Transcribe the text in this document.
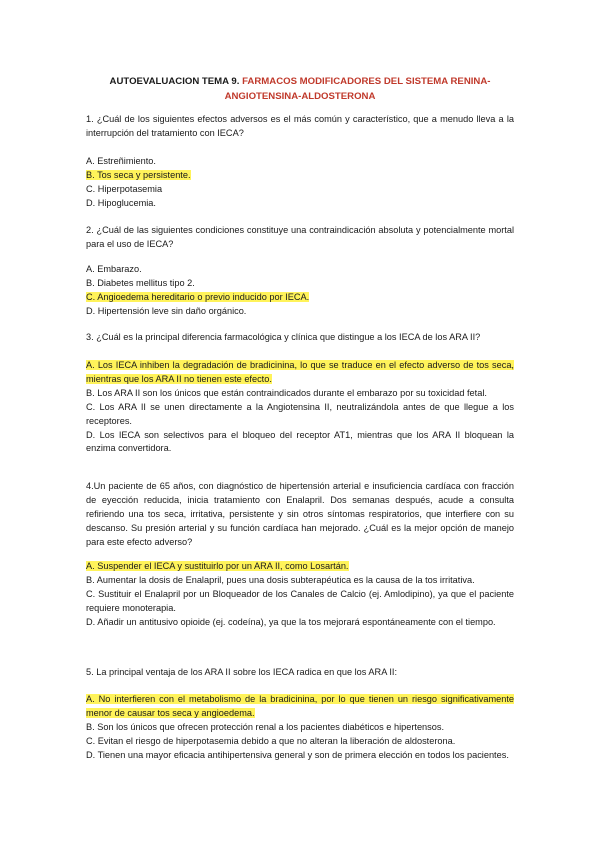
AUTOEVALUACION TEMA 9. FARMACOS MODIFICADORES DEL SISTEMA RENINA-
ANGIOTENSINA-ALDOSTERONA
1. ¿Cuál de los siguientes efectos adversos es el más común y característico, que a menudo lleva a la interrupción del tratamiento con IECA?
A. Estreñimiento.
B. Tos seca y persistente.
C. Hiperpotasemia
D. Hipoglucemia.
2. ¿Cuál de las siguientes condiciones constituye una contraindicación absoluta y potencialmente mortal para el uso de IECA?
A. Embarazo.
B. Diabetes mellitus tipo 2.
C. Angioedema hereditario o previo inducido por IECA.
D. Hipertensión leve sin daño orgánico.
3. ¿Cuál es la principal diferencia farmacológica y clínica que distingue a los IECA de los ARA II?
A. Los IECA inhiben la degradación de bradicinina, lo que se traduce en el efecto adverso de tos seca, mientras que los ARA II no tienen este efecto.
B. Los ARA II son los únicos que están contraindicados durante el embarazo por su toxicidad fetal.
C. Los ARA II se unen directamente a la Angiotensina II, neutralizándola antes de que llegue a los receptores.
D. Los IECA son selectivos para el bloqueo del receptor AT1, mientras que los ARA II bloquean la enzima convertidora.
4.Un paciente de 65 años, con diagnóstico de hipertensión arterial e insuficiencia cardíaca con fracción de eyección reducida, inicia tratamiento con Enalapril. Dos semanas después, acude a consulta refiriendo una tos seca, irritativa, persistente y sin otros síntomas respiratorios, que interfiere con su descanso. Su presión arterial y su función cardíaca han mejorado. ¿Cuál es la mejor opción de manejo para este efecto adverso?
A. Suspender el IECA y sustituirlo por un ARA II, como Losartán.
B. Aumentar la dosis de Enalapril, pues una dosis subterapéutica es la causa de la tos irritativa.
C. Sustituir el Enalapril por un Bloqueador de los Canales de Calcio (ej. Amlodipino), ya que el paciente requiere monoterapia.
D. Añadir un antitusivo opioide (ej. codeína), ya que la tos mejorará espontáneamente con el tiempo.
5. La principal ventaja de los ARA II sobre los IECA radica en que los ARA II:
A. No interfieren con el metabolismo de la bradicinina, por lo que tienen un riesgo significativamente menor de causar tos seca y angioedema.
B. Son los únicos que ofrecen protección renal a los pacientes diabéticos e hipertensos.
C. Evitan el riesgo de hiperpotasemia debido a que no alteran la liberación de aldosterona.
D. Tienen una mayor eficacia antihipertensiva general y son de primera elección en todos los pacientes.
